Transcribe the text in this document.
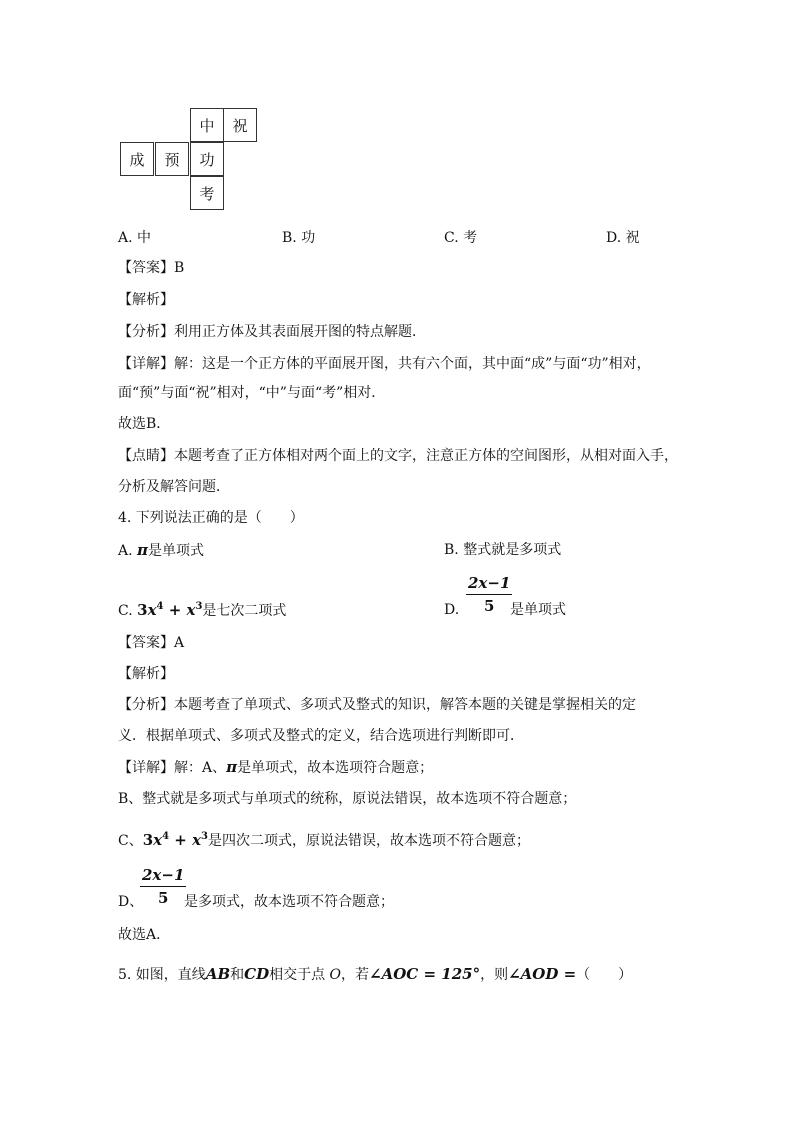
中	祝
成	预	功
考
A. 中	B. 功	C. 考	D. 祝
【答案】B
【解析】
【分析】利用正方体及其表面展开图的特点解题．
【详解】解：这是一个正方体的平面展开图，共有六个面，其中面“成”与面“功”相对，
面“预”与面“祝”相对，“中”与面“考”相对．
故选B．
【点睛】本题考查了正方体相对两个面上的文字，注意正方体的空间图形，从相对面入手，
分析及解答问题．
4. 下列说法正确的是（　　）
A. π是单项式	B. 整式就是多项式
C. $3x^4 + x^3$是七次二项式	D. $\frac{2x-1}{5}$
是单项式
【答案】A
【解析】
【分析】本题考查了单项式、多项式及整式的知识，解答本题的关键是掌握相关的定
义．根据单项式、多项式及整式的定义，结合选项进行判断即可．
【详解】解：A、π是单项式，故本选项符合题意；
B、整式就是多项式与单项式的统称，原说法错误，故本选项不符合题意；
C、$3x^4 + x^3$是四次二项式，原说法错误，故本选项不符合题意；
D、
$\frac{2x-1}{5}$
是多项式，故本选项不符合题意；
故选A．
5. 如图，直线AB和CD相交于点 O，若∠AOC = 125°，则∠AOD =（　　）
